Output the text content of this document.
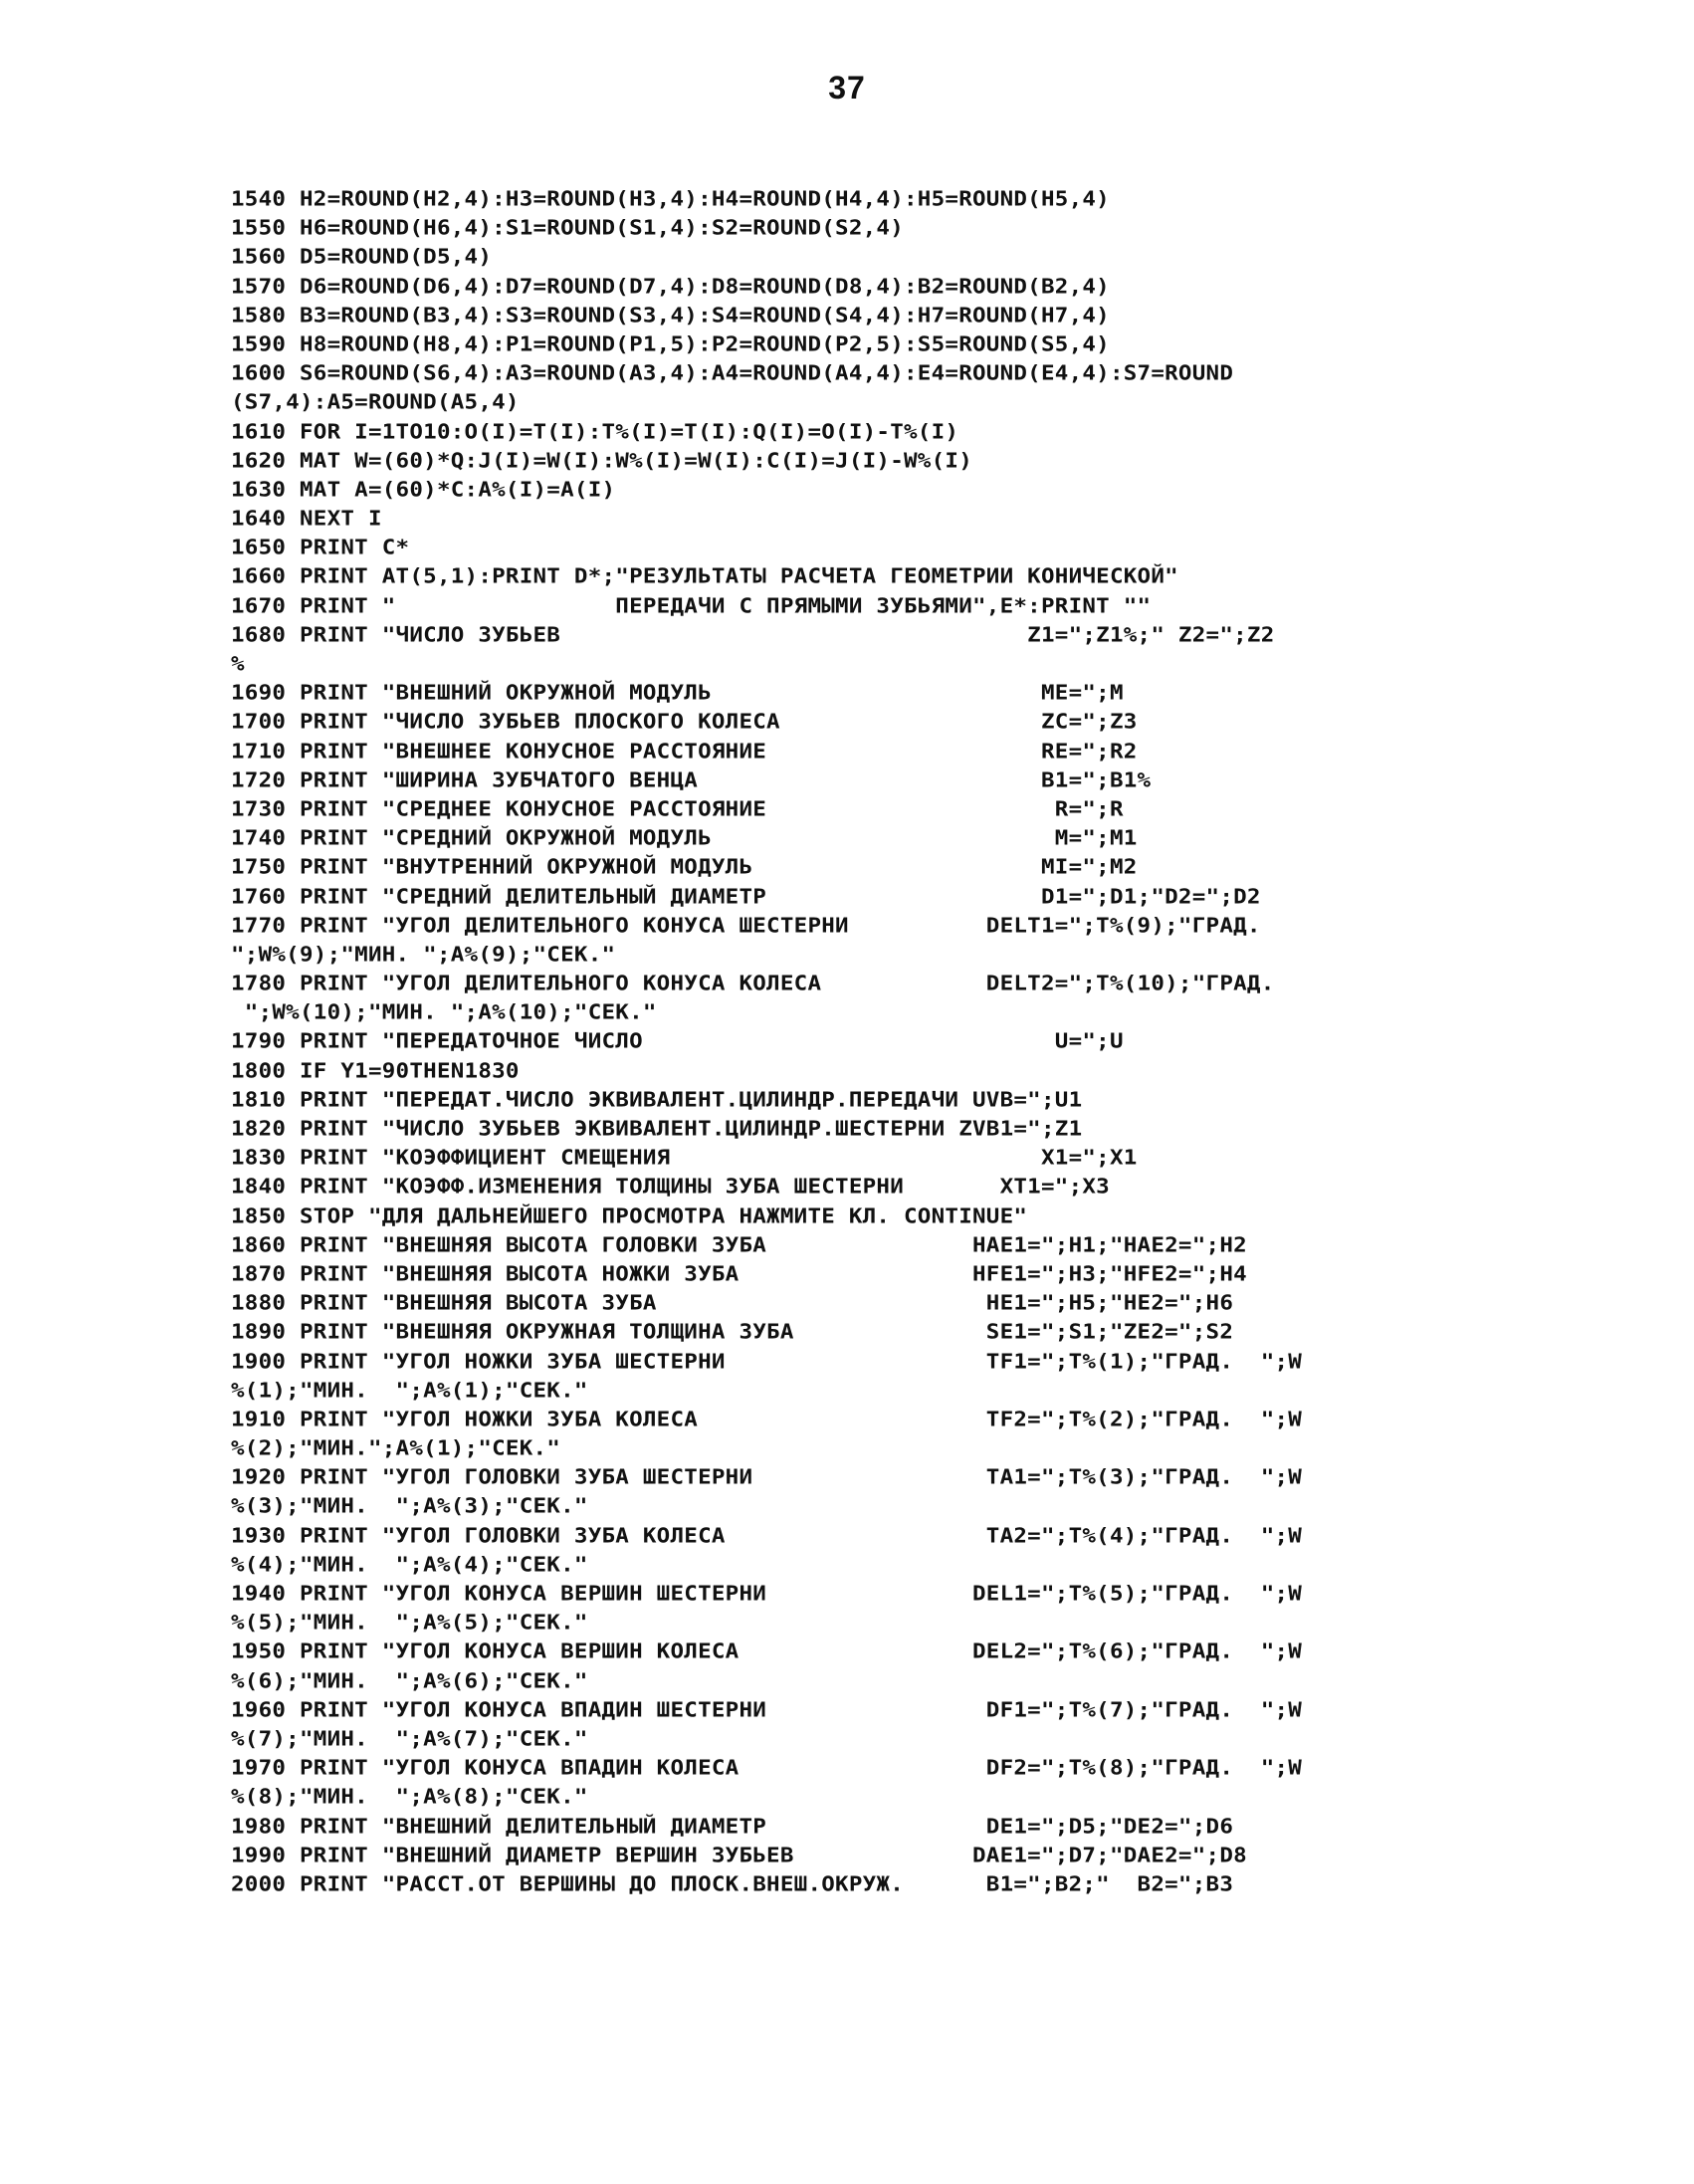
37
1540 H2=ROUND(H2,4):H3=ROUND(H3,4):H4=ROUND(H4,4):H5=ROUND(H5,4)
1550 H6=ROUND(H6,4):S1=ROUND(S1,4):S2=ROUND(S2,4)
1560 D5=ROUND(D5,4)
1570 D6=ROUND(D6,4):D7=ROUND(D7,4):D8=ROUND(D8,4):B2=ROUND(B2,4)
1580 B3=ROUND(B3,4):S3=ROUND(S3,4):S4=ROUND(S4,4):H7=ROUND(H7,4)
1590 H8=ROUND(H8,4):P1=ROUND(P1,5):P2=ROUND(P2,5):S5=ROUND(S5,4)
1600 S6=ROUND(S6,4):A3=ROUND(A3,4):A4=ROUND(A4,4):E4=ROUND(E4,4):S7=ROUND
(S7,4):A5=ROUND(A5,4)
1610 FOR I=1TO10:O(I)=T(I):T%(I)=T(I):Q(I)=O(I)-T%(I)
1620 MAT W=(60)*Q:J(I)=W(I):W%(I)=W(I):C(I)=J(I)-W%(I)
1630 MAT A=(60)*C:A%(I)=A(I)
1640 NEXT I
1650 PRINT C*
1660 PRINT AT(5,1):PRINT D*;"РЕЗУЛЬТАТЫ РАСЧЕТА ГЕОМЕТРИИ КОНИЧЕСКОЙ"
1670 PRINT "                ПЕРЕДАЧИ С ПРЯМЫМИ ЗУБЬЯМИ",E*:PRINT ""
1680 PRINT "ЧИСЛО ЗУБЬЕВ                                  Z1=";Z1%;" Z2=";Z2
%
1690 PRINT "ВНЕШНИЙ ОКРУЖНОЙ МОДУЛЬ                        ME=";M
1700 PRINT "ЧИСЛО ЗУБЬЕВ ПЛОСКОГО КОЛЕСА                   ZC=";Z3
1710 PRINT "ВНЕШНЕЕ КОНУСНОЕ РАССТОЯНИЕ                    RE=";R2
1720 PRINT "ШИРИНА ЗУБЧАТОГО ВЕНЦА                         B1=";B1%
1730 PRINT "СРЕДНЕЕ КОНУСНОЕ РАССТОЯНИЕ                     R=";R
1740 PRINT "СРЕДНИЙ ОКРУЖНОЙ МОДУЛЬ                         M=";M1
1750 PRINT "ВНУТРЕННИЙ ОКРУЖНОЙ МОДУЛЬ                     MI=";M2
1760 PRINT "СРЕДНИЙ ДЕЛИТЕЛЬНЫЙ ДИАМЕТР                    D1=";D1;"D2=";D2
1770 PRINT "УГОЛ ДЕЛИТЕЛЬНОГО КОНУСА ШЕСТЕРНИ          DELT1=";T%(9);"ГРАД.
";W%(9);"МИН. ";A%(9);"СЕК."
1780 PRINT "УГОЛ ДЕЛИТЕЛЬНОГО КОНУСА КОЛЕСА            DELT2=";T%(10);"ГРАД.
";W%(10);"МИН. ";A%(10);"СЕК."
1790 PRINT "ПЕРЕДАТОЧНОЕ ЧИСЛО                              U=";U
1800 IF Y1=90THEN1830
1810 PRINT "ПЕРЕДАТ.ЧИСЛО ЭКВИВАЛЕНТ.ЦИЛИНДР.ПЕРЕДАЧИ UVB=";U1
1820 PRINT "ЧИСЛО ЗУБЬЕВ ЭКВИВАЛЕНТ.ЦИЛИНДР.ШЕСТЕРНИ ZVB1=";Z1
1830 PRINT "КОЭФФИЦИЕНТ СМЕЩЕНИЯ                           X1=";X1
1840 PRINT "КОЭФФ.ИЗМЕНЕНИЯ ТОЛЩИНЫ ЗУБА ШЕСТЕРНИ       XT1=";X3
1850 STOP "ДЛЯ ДАЛЬНЕЙШЕГО ПРОСМОТРА НАЖМИТЕ КЛ. CONTINUE"
1860 PRINT "ВНЕШНЯЯ ВЫСОТА ГОЛОВКИ ЗУБА               HAE1=";H1;"HAE2=";H2
1870 PRINT "ВНЕШНЯЯ ВЫСОТА НОЖКИ ЗУБА                 HFE1=";H3;"HFE2=";H4
1880 PRINT "ВНЕШНЯЯ ВЫСОТА ЗУБА                        HE1=";H5;"HE2=";H6
1890 PRINT "ВНЕШНЯЯ ОКРУЖНАЯ ТОЛЩИНА ЗУБА              SE1=";S1;"ZE2=";S2
1900 PRINT "УГОЛ НОЖКИ ЗУБА ШЕСТЕРНИ                   TF1=";T%(1);"ГРАД.  ";W
%(1);"МИН.  ";A%(1);"СЕК."
1910 PRINT "УГОЛ НОЖКИ ЗУБА КОЛЕСА                     TF2=";T%(2);"ГРАД.  ";W
%(2);"МИН.";A%(1);"СЕК."
1920 PRINT "УГОЛ ГОЛОВКИ ЗУБА ШЕСТЕРНИ                 TA1=";T%(3);"ГРАД.  ";W
%(3);"МИН.  ";A%(3);"СЕК."
1930 PRINT "УГОЛ ГОЛОВКИ ЗУБА КОЛЕСА                   TA2=";T%(4);"ГРАД.  ";W
%(4);"МИН.  ";A%(4);"СЕК."
1940 PRINT "УГОЛ КОНУСА ВЕРШИН ШЕСТЕРНИ               DEL1=";T%(5);"ГРАД.  ";W
%(5);"МИН.  ";A%(5);"СЕК."
1950 PRINT "УГОЛ КОНУСА ВЕРШИН КОЛЕСА                 DEL2=";T%(6);"ГРАД.  ";W
%(6);"МИН.  ";A%(6);"СЕК."
1960 PRINT "УГОЛ КОНУСА ВПАДИН ШЕСТЕРНИ                DF1=";T%(7);"ГРАД.  ";W
%(7);"МИН.  ";A%(7);"СЕК."
1970 PRINT "УГОЛ КОНУСА ВПАДИН КОЛЕСА                  DF2=";T%(8);"ГРАД.  ";W
%(8);"МИН.  ";A%(8);"СЕК."
1980 PRINT "ВНЕШНИЙ ДЕЛИТЕЛЬНЫЙ ДИАМЕТР                DE1=";D5;"DE2=";D6
1990 PRINT "ВНЕШНИЙ ДИАМЕТР ВЕРШИН ЗУБЬЕВ             DAE1=";D7;"DAE2=";D8
2000 PRINT "РАССТ.ОТ ВЕРШИНЫ ДО ПЛОСК.ВНЕШ.ОКРУЖ.      B1=";B2;"  B2=";B3
